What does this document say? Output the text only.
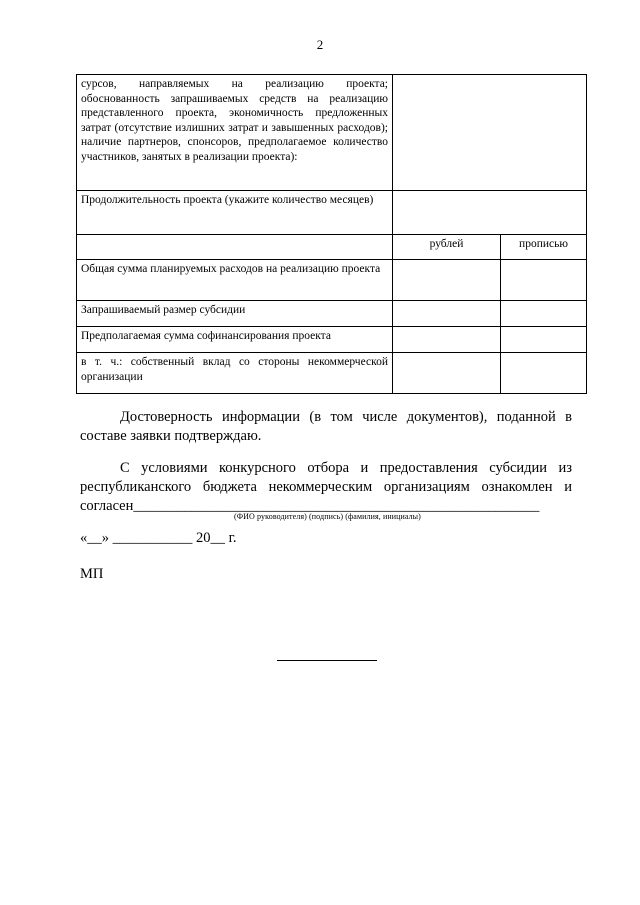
2
сурсов, направляемых на реализацию проекта; обоснованность запрашиваемых средств на реализацию представленного проекта, экономичность предложенных затрат (отсутствие излишних затрат и завышенных расходов); наличие партнеров, спонсоров, предполагаемое количество участников, занятых в реализации проекта):		
Продолжительность проекта (укажите количество месяцев)		
	рублей	прописью
Общая сумма планируемых расходов на реализацию проекта		
Запрашиваемый размер субсидии		
Предполагаемая сумма софинансирования проекта		
в т. ч.: собственный вклад со стороны некоммерческой организации		

Достоверность информации (в том числе документов), поданной в составе заявки подтверждаю.

С условиями конкурсного отбора и предоставления субсидии из республиканского бюджета некоммерческим организациям ознакомлен и согласен________________________________________________________

(ФИО руководителя) (подпись) (фамилия, инициалы)
«__» ___________ 20__ г.
МП
